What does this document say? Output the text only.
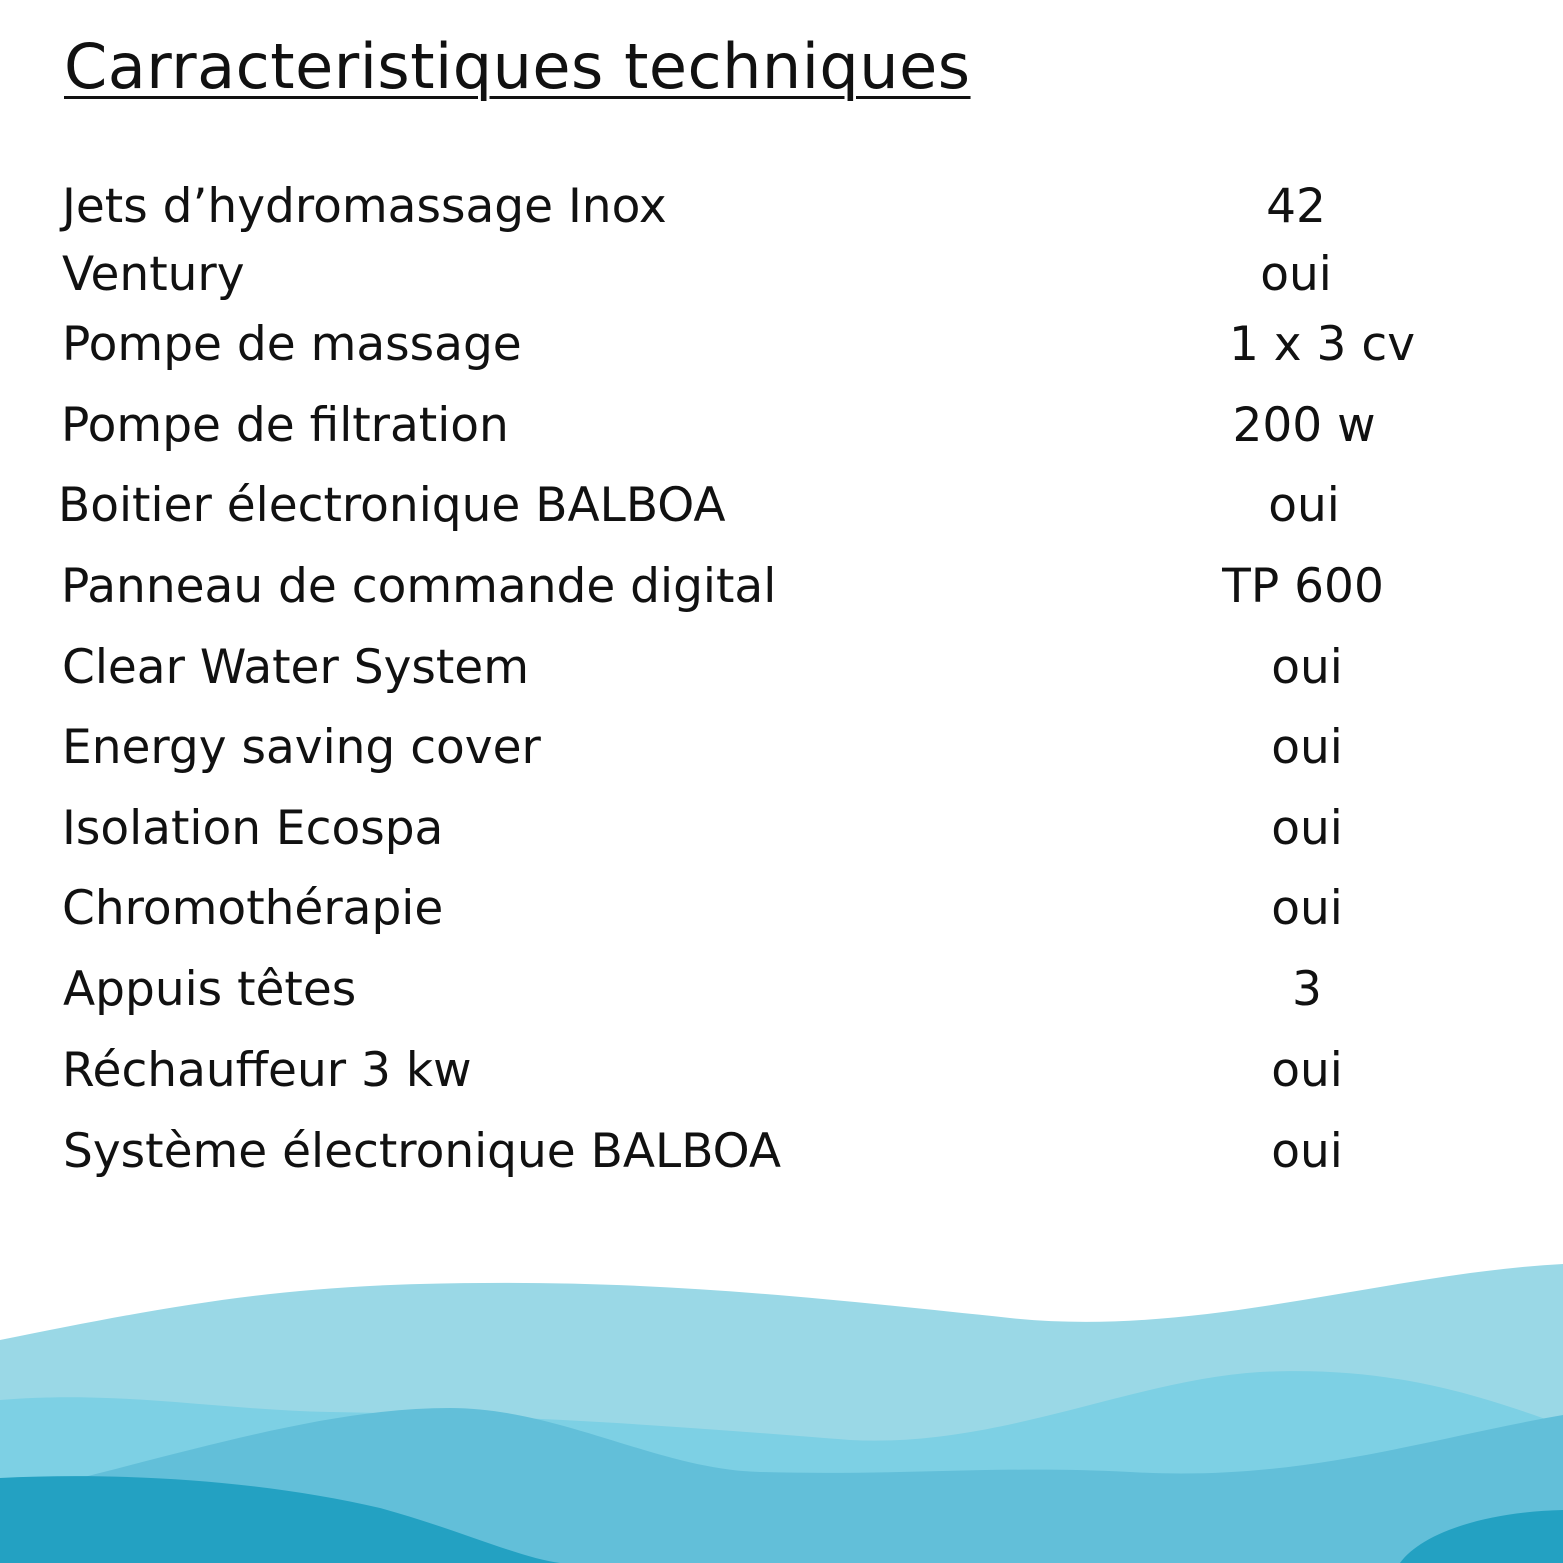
Carracteristiques techniques
Jets d’hydromassage Inox	42
Ventury	oui
Pompe de massage	1 x 3 cv
Pompe de filtration	200 w
Boitier électronique BALBOA	oui
Panneau de commande digital	TP 600
Clear Water System	oui
Energy saving cover	oui
Isolation Ecospa	oui
Chromothérapie	oui
Appuis têtes	3
Réchauffeur 3 kw	oui
Système électronique BALBOA	oui
